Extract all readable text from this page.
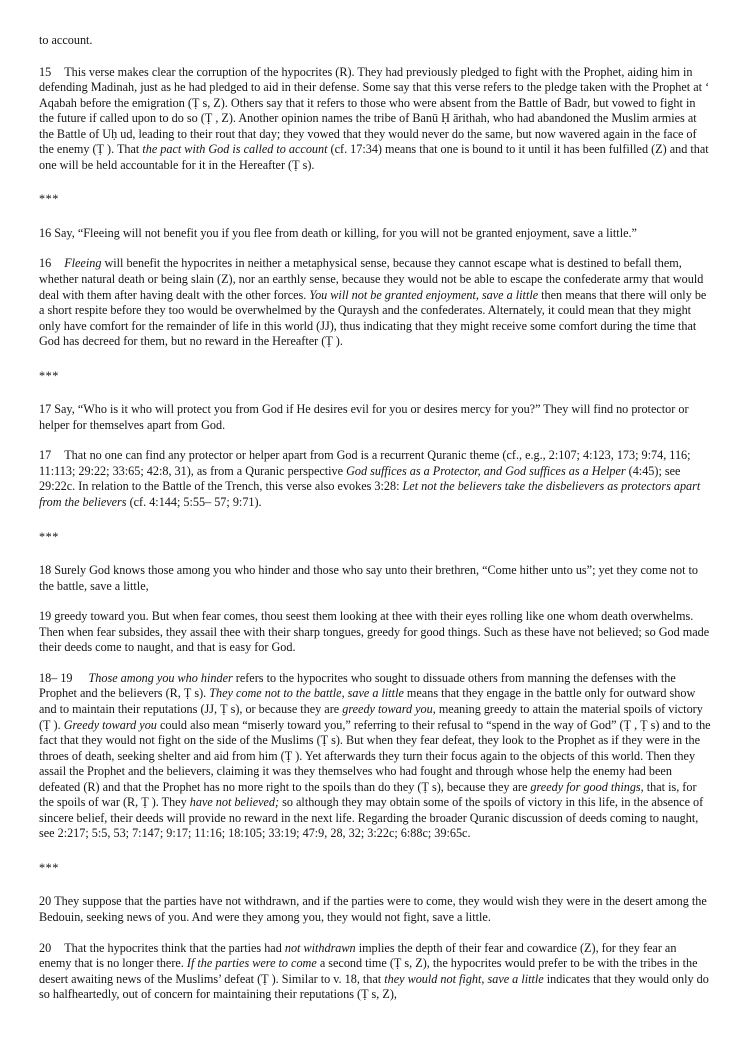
to account.

15 This verse makes clear the corruption of the hypocrites (R). They had previously pledged to fight with the Prophet, aiding him in defending Madinah, just as he had pledged to aid in their defense. Some say that this verse refers to the pledge taken with the Prophet at ʻ Aqabah before the emigration (Ṭ s, Z). Others say that it refers to those who were absent from the Battle of Badr, but vowed to fight in the future if called upon to do so (Ṭ , Z). Another opinion names the tribe of Banū Ḥ ārithah, who had abandoned the Muslim armies at the Battle of Uḥ ud, leading to their rout that day; they vowed that they would never do the same, but now wavered again in the face of the enemy (Ṭ ). That the pact with God is called to account (cf. 17:34) means that one is bound to it until it has been fulfilled (Z) and that one will be held accountable for it in the Hereafter (Ṭ s).

***

16 Say, “Fleeing will not benefit you if you flee from death or killing, for you will not be granted enjoyment, save a little.”

16 Fleeing will benefit the hypocrites in neither a metaphysical sense, because they cannot escape what is destined to befall them, whether natural death or being slain (Z), nor an earthly sense, because they would not be able to escape the confederate army that would deal with them after having dealt with the other forces. You will not be granted enjoyment, save a little then means that there will only be a short respite before they too would be overwhelmed by the Quraysh and the confederates. Alternately, it could mean that they might only have comfort for the remainder of life in this world (JJ), thus indicating that they might receive some comfort during the time that God has decreed for them, but no reward in the Hereafter (Ṭ ).

***

17 Say, “Who is it who will protect you from God if He desires evil for you or desires mercy for you?” They will find no protector or helper for themselves apart from God.

17 That no one can find any protector or helper apart from God is a recurrent Quranic theme (cf., e.g., 2:107; 4:123, 173; 9:74, 116; 11:113; 29:22; 33:65; 42:8, 31), as from a Quranic perspective God suffices as a Protector, and God suffices as a Helper (4:45); see 29:22c. In relation to the Battle of the Trench, this verse also evokes 3:28: Let not the believers take the disbelievers as protectors apart from the believers (cf. 4:144; 5:55– 57; 9:71).

***

18 Surely God knows those among you who hinder and those who say unto their brethren, “Come hither unto us”; yet they come not to the battle, save a little,

19 greedy toward you. But when fear comes, thou seest them looking at thee with their eyes rolling like one whom death overwhelms. Then when fear subsides, they assail thee with their sharp tongues, greedy for good things. Such as these have not believed; so God made their deeds come to naught, and that is easy for God.

18– 19 Those among you who hinder refers to the hypocrites who sought to dissuade others from manning the defenses with the Prophet and the believers (R, Ṭ s). They come not to the battle, save a little means that they engage in the battle only for outward show and to maintain their reputations (JJ, Ṭ s), or because they are greedy toward you, meaning greedy to attain the material spoils of victory (Ṭ ). Greedy toward you could also mean “miserly toward you,” referring to their refusal to “spend in the way of God” (Ṭ , Ṭ s) and to the fact that they would not fight on the side of the Muslims (Ṭ s). But when they fear defeat, they look to the Prophet as if they were in the throes of death, seeking shelter and aid from him (Ṭ ). Yet afterwards they turn their focus again to the objects of this world. Then they assail the Prophet and the believers, claiming it was they themselves who had fought and through whose help the enemy had been defeated (R) and that the Prophet has no more right to the spoils than do they (Ṭ s), because they are greedy for good things, that is, for the spoils of war (R, Ṭ ). They have not believed; so although they may obtain some of the spoils of victory in this life, in the absence of sincere belief, their deeds will provide no reward in the next life. Regarding the broader Quranic discussion of deeds coming to naught, see 2:217; 5:5, 53; 7:147; 9:17; 11:16; 18:105; 33:19; 47:9, 28, 32; 3:22c; 6:88c; 39:65c.

***

20 They suppose that the parties have not withdrawn, and if the parties were to come, they would wish they were in the desert among the Bedouin, seeking news of you. And were they among you, they would not fight, save a little.

20 That the hypocrites think that the parties had not withdrawn implies the depth of their fear and cowardice (Z), for they fear an enemy that is no longer there. If the parties were to come a second time (Ṭ s, Z), the hypocrites would prefer to be with the tribes in the desert awaiting news of the Muslims’ defeat (Ṭ ). Similar to v. 18, that they would not fight, save a little indicates that they would only do so halfheartedly, out of concern for maintaining their reputations (Ṭ s, Z),
